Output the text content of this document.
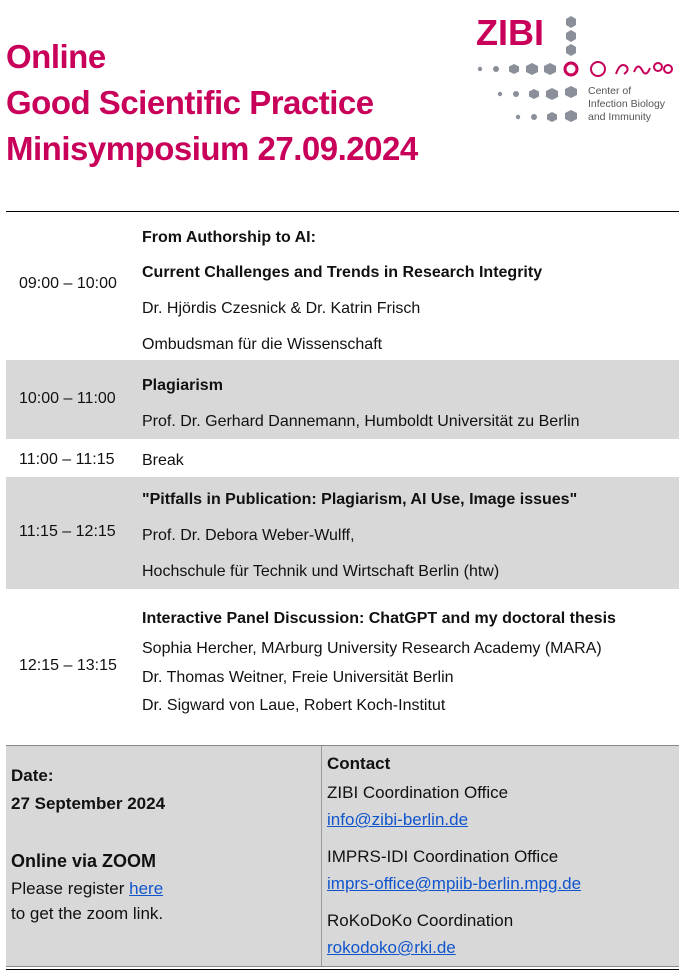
Online
Good Scientific Practice
Minisymposium 27.09.2024
ZIBI
Center of
Infection Biology
and Immunity
09:00 – 10:00
From Authorship to AI:
Current Challenges and Trends in Research Integrity
Dr. Hjördis Czesnick & Dr. Katrin Frisch
Ombudsman für die Wissenschaft
10:00 – 11:00
Plagiarism
Prof. Dr. Gerhard Dannemann, Humboldt Universität zu Berlin
11:00 – 11:15 Break
11:15 – 12:15
"Pitfalls in Publication: Plagiarism, AI Use, Image issues"
Prof. Dr. Debora Weber-Wulff,
Hochschule für Technik und Wirtschaft Berlin (htw)
12:15 – 13:15
Interactive Panel Discussion: ChatGPT and my doctoral thesis
Sophia Hercher, MArburg University Research Academy (MARA)
Dr. Thomas Weitner, Freie Universität Berlin
Dr. Sigward von Laue, Robert Koch-Institut
Date:
27 September 2024
Online via ZOOM
Please register here
to get the zoom link.
Contact
ZIBI Coordination Office
info@zibi-berlin.de
IMPRS-IDI Coordination Office
imprs-office@mpiib-berlin.mpg.de
RoKoDoKo Coordination
rokodoko@rki.de
